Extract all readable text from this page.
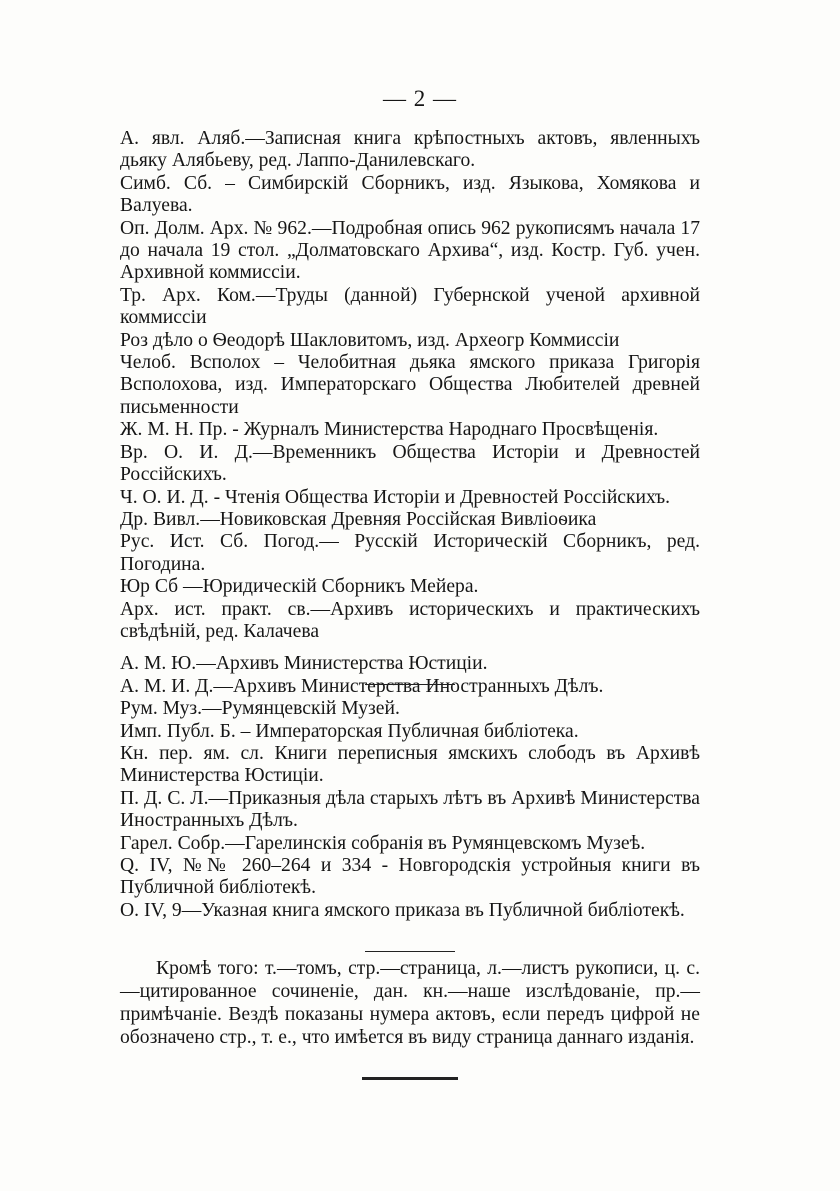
— 2 —

А. явл. Аляб.—Записная книга крѣпостныхъ актовъ, явленныхъ дьяку Алябьеву, ред. Лаппо-Данилевскаго.

Симб. Сб. – Симбирскій Сборникъ, изд. Языкова, Хомякова и Валуева.

Оп. Долм. Арх. № 962.—Подробная опись 962 рукописямъ начала 17 до начала 19 стол. „Долматовскаго Архива“, изд. Костр. Губ. учен. Архивной коммиссіи.

Тр. Арх. Ком.—Труды (данной) Губернской ученой архивной коммиссіи

Роз дѣло о Ѳеодорѣ Шакловитомъ, изд. Археогр Коммиссіи

Челоб. Всполох – Челобитная дьяка ямского приказа Григорія Всполохова, изд. Императорскаго Общества Любителей древней письменности

Ж. М. Н. Пр. - Журналъ Министерства Народнаго Просвѣщенія.

Вр. О. И. Д.—Временникъ Общества Исторіи и Древностей Россійскихъ.

Ч. О. И. Д. - Чтенія Общества Исторіи и Древностей Россійскихъ.

Др. Вивл.—Новиковская Древняя Россійская Вивліоѳика

Рус. Ист. Сб. Погод.— Русскій Историческій Сборникъ, ред. Погодина.

Юр Сб —Юридическій Сборникъ Мейера.

Арх. ист. практ. св.—Архивъ историческихъ и практическихъ свѣдѣній, ред. Калачева

А. М. Ю.—Архивъ Министерства Юстиціи.

А. М. И. Д.—Архивъ Министерства Иностранныхъ Дѣлъ.

Рум. Муз.—Румянцевскій Музей.

Имп. Публ. Б. – Императорская Публичная библіотека.

Кн. пер. ям. сл. Книги переписныя ямскихъ слободъ въ Архивѣ Министерства Юстиціи.

П. Д. С. Л.—Приказныя дѣла старыхъ лѣтъ въ Архивѣ Министерства Иностранныхъ Дѣлъ.

Гарел. Собр.—Гарелинскія собранія въ Румянцевскомъ Музеѣ.

Q. IV, №№ 260–264 и 334 - Новгородскія устройныя книги въ Публичной библіотекѣ.

О. IV, 9—Указная книга ямского приказа въ Публичной библіотекѣ.

Кромѣ того: т.—томъ, стр.—страница, л.—листъ рукописи, ц. с.—цитированное сочиненіе, дан. кн.—наше изслѣдованіе, пр.—примѣчаніе. Вездѣ показаны нумера актовъ, если передъ цифрой не обозначено стр., т. е., что имѣется въ виду страница даннаго изданія.
